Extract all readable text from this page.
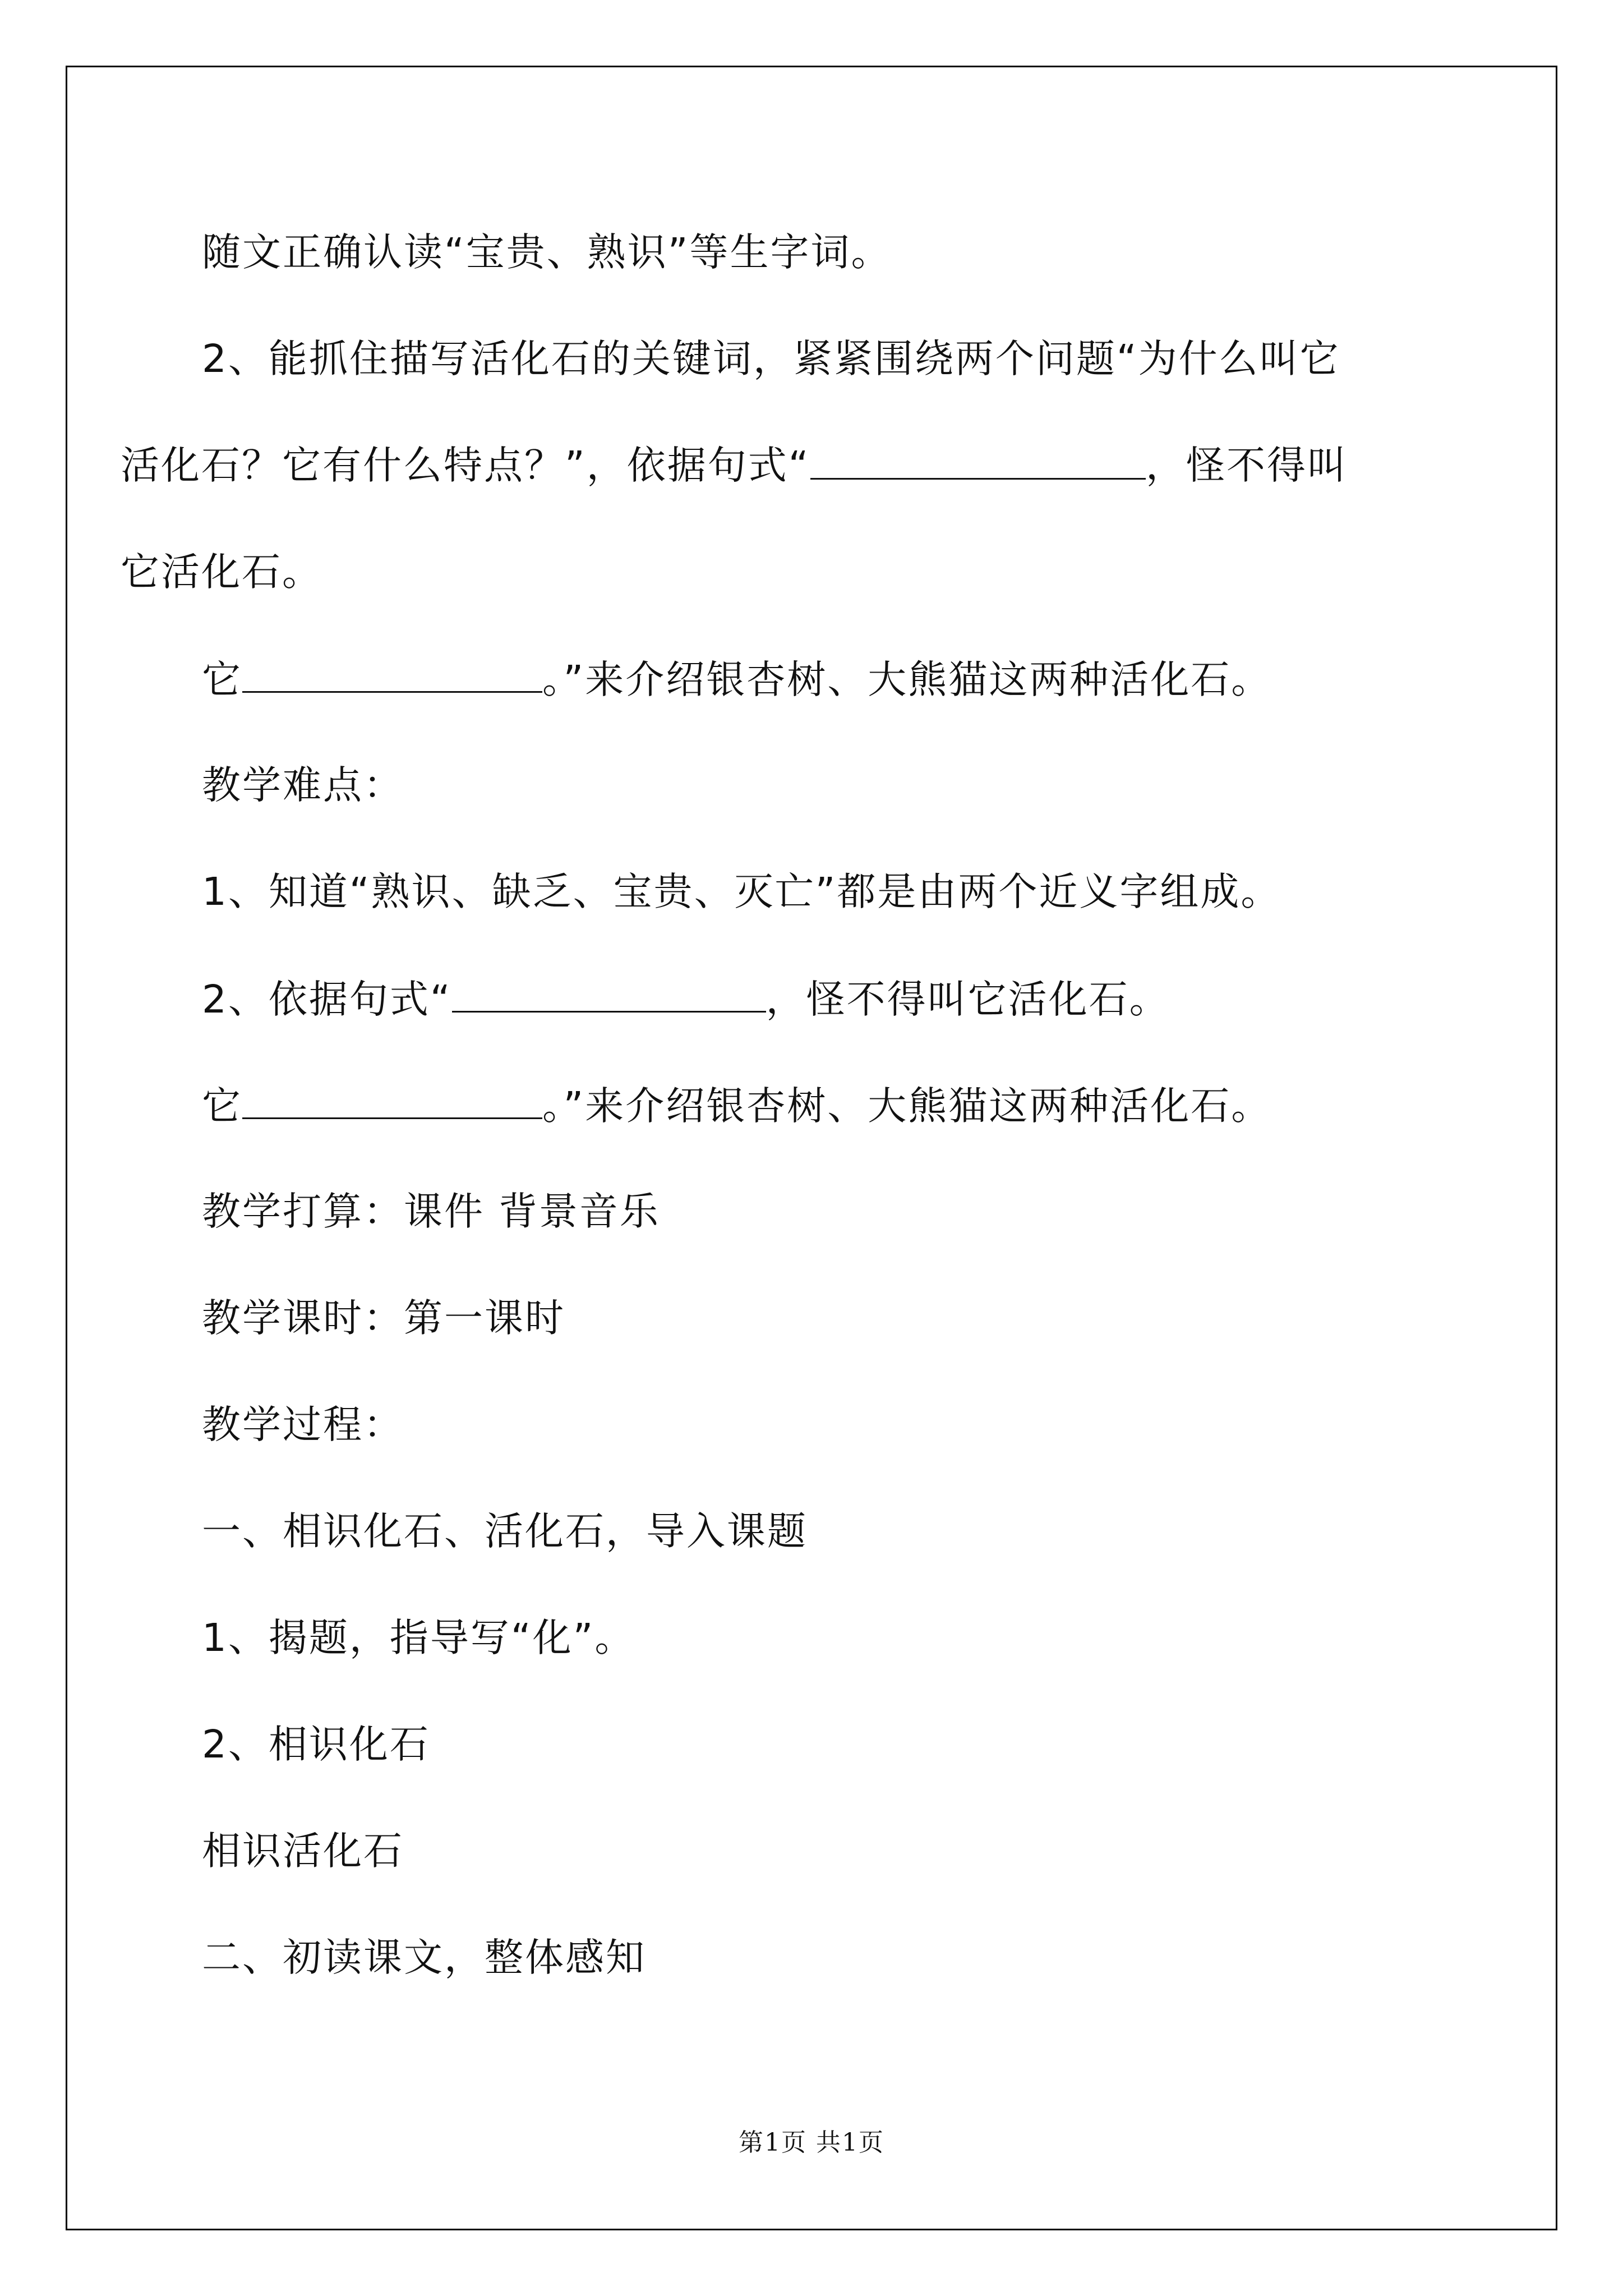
随文正确认读“宝贵、熟识”等生字词。
2、能抓住描写活化石的关键词，紧紧围绕两个问题“为什么叫它
活化石？它有什么特点？”，依据句式“	，怪不得叫
它活化石。
它	。”来介绍银杏树、大熊猫这两种活化石。
教学难点：
1、知道“熟识、缺乏、宝贵、灭亡”都是由两个近义字组成。
2、依据句式“	，怪不得叫它活化石。
它	。”来介绍银杏树、大熊猫这两种活化石。
教学打算：课件 背景音乐
教学课时：第一课时
教学过程：
一、相识化石、活化石，导入课题
1、揭题，指导写“化”。
2、相识化石
相识活化石
二、初读课文，整体感知
第1页 共1页
